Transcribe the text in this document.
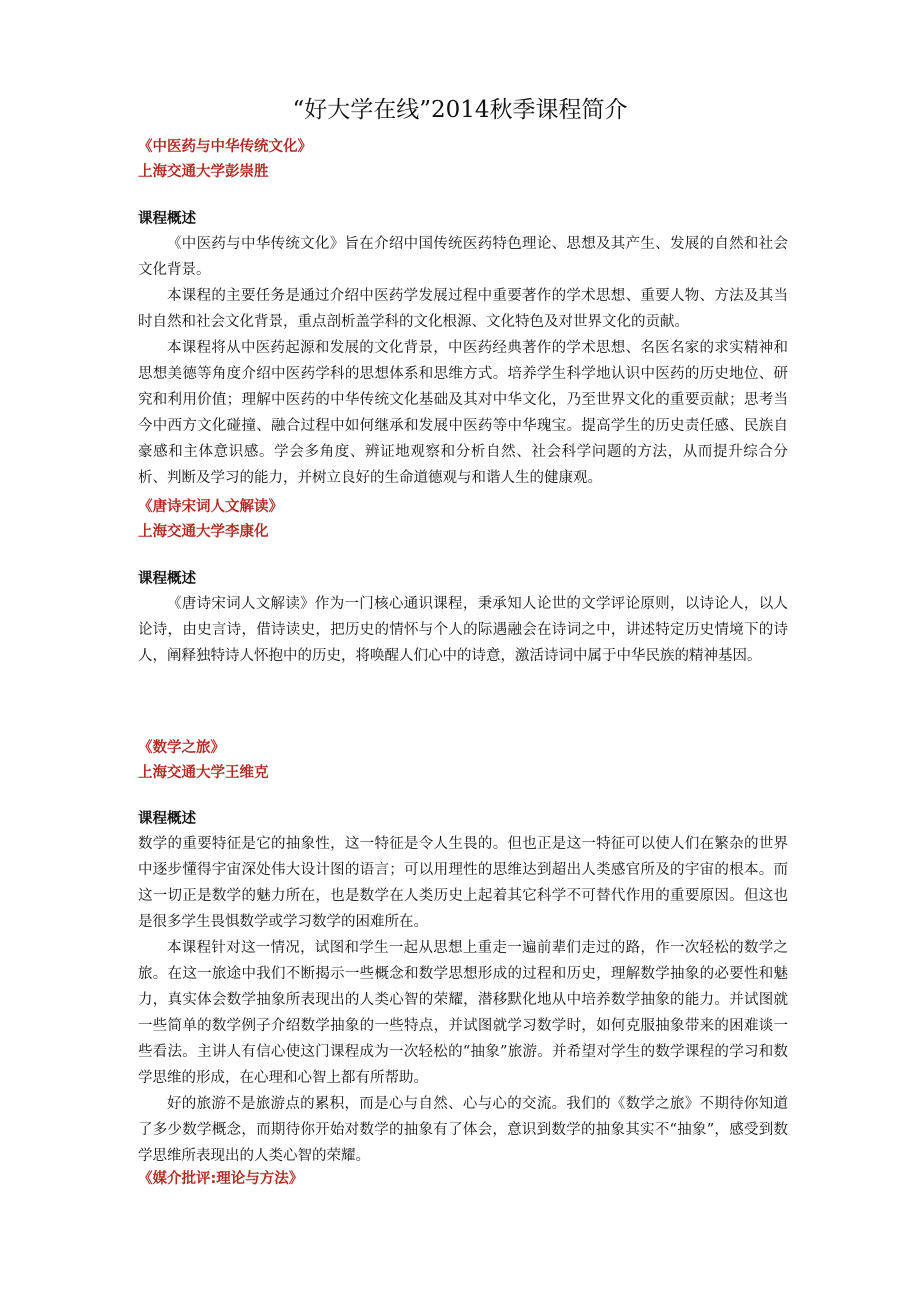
“好大学在线”2014秋季课程简介
《中医药与中华传统文化》
上海交通大学彭崇胜
课程概述

《中医药与中华传统文化》旨在介绍中国传统医药特色理论、思想及其产生、发展的自然和社会文化背景。

本课程的主要任务是通过介绍中医药学发展过程中重要著作的学术思想、重要人物、方法及其当时自然和社会文化背景，重点剖析盖学科的文化根源、文化特色及对世界文化的贡献。

本课程将从中医药起源和发展的文化背景，中医药经典著作的学术思想、名医名家的求实精神和思想美德等角度介绍中医药学科的思想体系和思维方式。培养学生科学地认识中医药的历史地位、研究和利用价值；理解中医药的中华传统文化基础及其对中华文化，乃至世界文化的重要贡献；思考当今中西方文化碰撞、融合过程中如何继承和发展中医药等中华瑰宝。提高学生的历史责任感、民族自豪感和主体意识感。学会多角度、辨证地观察和分析自然、社会科学问题的方法，从而提升综合分析、判断及学习的能力，并树立良好的生命道德观与和谐人生的健康观。

《唐诗宋词人文解读》
上海交通大学李康化
课程概述

《唐诗宋词人文解读》作为一门核心通识课程，秉承知人论世的文学评论原则，以诗论人，以人论诗，由史言诗，借诗读史，把历史的情怀与个人的际遇融会在诗词之中，讲述特定历史情境下的诗人，阐释独特诗人怀抱中的历史，将唤醒人们心中的诗意，激活诗词中属于中华民族的精神基因。

《数学之旅》
上海交通大学王维克
课程概述

数学的重要特征是它的抽象性，这一特征是令人生畏的。但也正是这一特征可以使人们在繁杂的世界中逐步懂得宇宙深处伟大设计图的语言；可以用理性的思维达到超出人类感官所及的宇宙的根本。而这一切正是数学的魅力所在，也是数学在人类历史上起着其它科学不可替代作用的重要原因。但这也是很多学生畏惧数学或学习数学的困难所在。

本课程针对这一情况，试图和学生一起从思想上重走一遍前辈们走过的路，作一次轻松的数学之旅。在这一旅途中我们不断揭示一些概念和数学思想形成的过程和历史，理解数学抽象的必要性和魅力，真实体会数学抽象所表现出的人类心智的荣耀，潜移默化地从中培养数学抽象的能力。并试图就一些简单的数学例子介绍数学抽象的一些特点，并试图就学习数学时，如何克服抽象带来的困难谈一些看法。主讲人有信心使这门课程成为一次轻松的“抽象”旅游。并希望对学生的数学课程的学习和数学思维的形成，在心理和心智上都有所帮助。

好的旅游不是旅游点的累积，而是心与自然、心与心的交流。我们的《数学之旅》不期待你知道了多少数学概念，而期待你开始对数学的抽象有了体会，意识到数学的抽象其实不“抽象”，感受到数学思维所表现出的人类心智的荣耀。

《媒介批评:理论与方法》
